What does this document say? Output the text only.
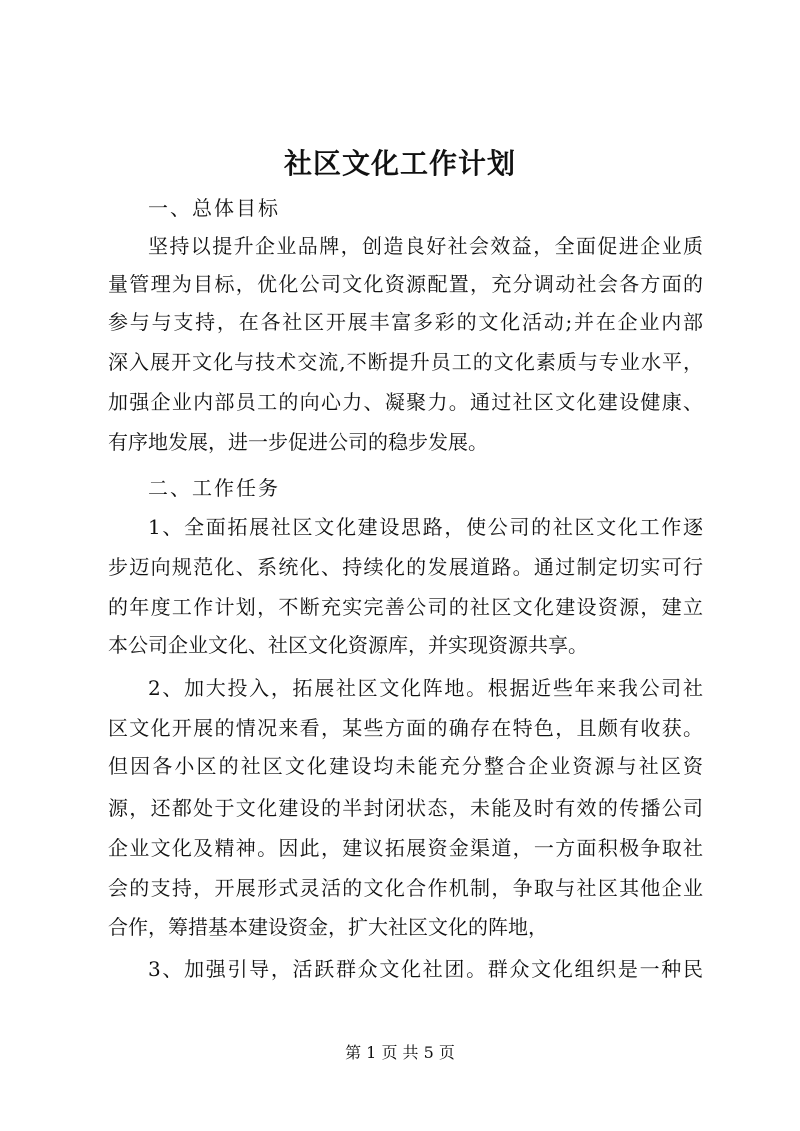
社区文化工作计划
一、总体目标
坚持以提升企业品牌，创造良好社会效益，全面促进企业质
量管理为目标，优化公司文化资源配置，充分调动社会各方面的
参与与支持，在各社区开展丰富多彩的文化活动;并在企业内部
深入展开文化与技术交流,不断提升员工的文化素质与专业水平，
加强企业内部员工的向心力、凝聚力。通过社区文化建设健康、
有序地发展，进一步促进公司的稳步发展。
二、工作任务
1、全面拓展社区文化建设思路，使公司的社区文化工作逐
步迈向规范化、系统化、持续化的发展道路。通过制定切实可行
的年度工作计划，不断充实完善公司的社区文化建设资源，建立
本公司企业文化、社区文化资源库，并实现资源共享。
2、加大投入，拓展社区文化阵地。根据近些年来我公司社
区文化开展的情况来看，某些方面的确存在特色，且颇有收获。
但因各小区的社区文化建设均未能充分整合企业资源与社区资
源，还都处于文化建设的半封闭状态，未能及时有效的传播公司
企业文化及精神。因此，建议拓展资金渠道，一方面积极争取社
会的支持，开展形式灵活的文化合作机制，争取与社区其他企业
合作，筹措基本建设资金，扩大社区文化的阵地，
3、加强引导，活跃群众文化社团。群众文化组织是一种民
第 1 页 共 5 页
